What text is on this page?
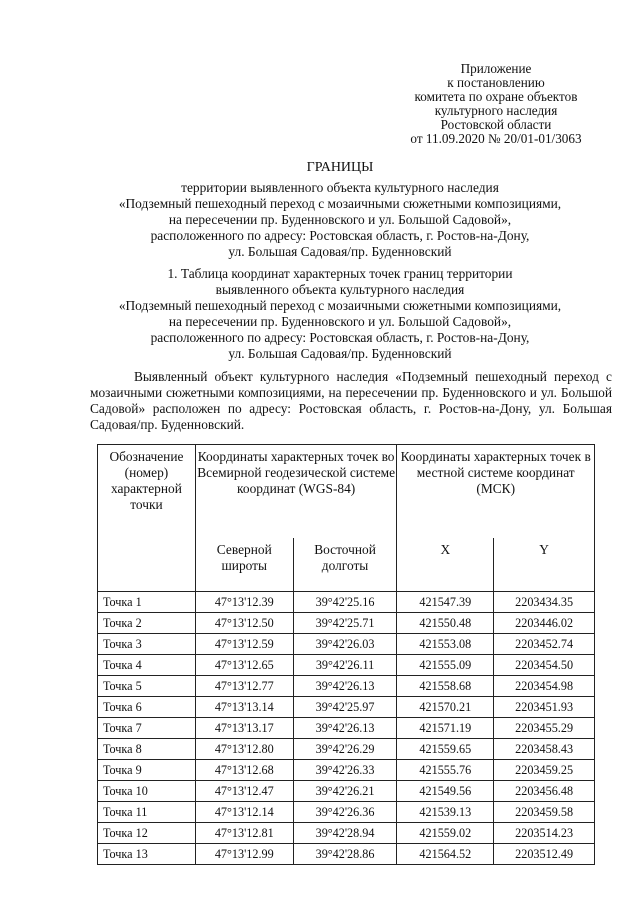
Приложение
к постановлению
комитета по охране объектов
культурного наследия
Ростовской области
от 11.09.2020 № 20/01-01/3063
ГРАНИЦЫ
территории выявленного объекта культурного наследия
«Подземный пешеходный переход с мозаичными сюжетными композициями,
на пересечении пр. Буденновского и ул. Большой Садовой»,
расположенного по адресу: Ростовская область, г. Ростов-на-Дону,
ул. Большая Садовая/пр. Буденновский
1. Таблица координат характерных точек границ территории
выявленного объекта культурного наследия
«Подземный пешеходный переход с мозаичными сюжетными композициями,
на пересечении пр. Буденновского и ул. Большой Садовой»,
расположенного по адресу: Ростовская область, г. Ростов-на-Дону,
ул. Большая Садовая/пр. Буденновский
Выявленный объект культурного наследия «Подземный пешеходный переход с мозаичными сюжетными композициями, на пересечении пр. Буденновского и ул. Большой Садовой» расположен по адресу: Ростовская область, г. Ростов-на-Дону, ул. Большая Садовая/пр. Буденновский.
Обозначение (номер) характерной точки	Координаты характерных точек во Всемирной геодезической системе координат (WGS-84)		Координаты характерных точек в местной системе координат (МСК)	
	Северной широты	Восточной долготы	X	Y
Точка 1	47°13'12.39	39°42'25.16	421547.39	2203434.35
Точка 2	47°13'12.50	39°42'25.71	421550.48	2203446.02
Точка 3	47°13'12.59	39°42'26.03	421553.08	2203452.74
Точка 4	47°13'12.65	39°42'26.11	421555.09	2203454.50
Точка 5	47°13'12.77	39°42'26.13	421558.68	2203454.98
Точка 6	47°13'13.14	39°42'25.97	421570.21	2203451.93
Точка 7	47°13'13.17	39°42'26.13	421571.19	2203455.29
Точка 8	47°13'12.80	39°42'26.29	421559.65	2203458.43
Точка 9	47°13'12.68	39°42'26.33	421555.76	2203459.25
Точка 10	47°13'12.47	39°42'26.21	421549.56	2203456.48
Точка 11	47°13'12.14	39°42'26.36	421539.13	2203459.58
Точка 12	47°13'12.81	39°42'28.94	421559.02	2203514.23
Точка 13	47°13'12.99	39°42'28.86	421564.52	2203512.49
